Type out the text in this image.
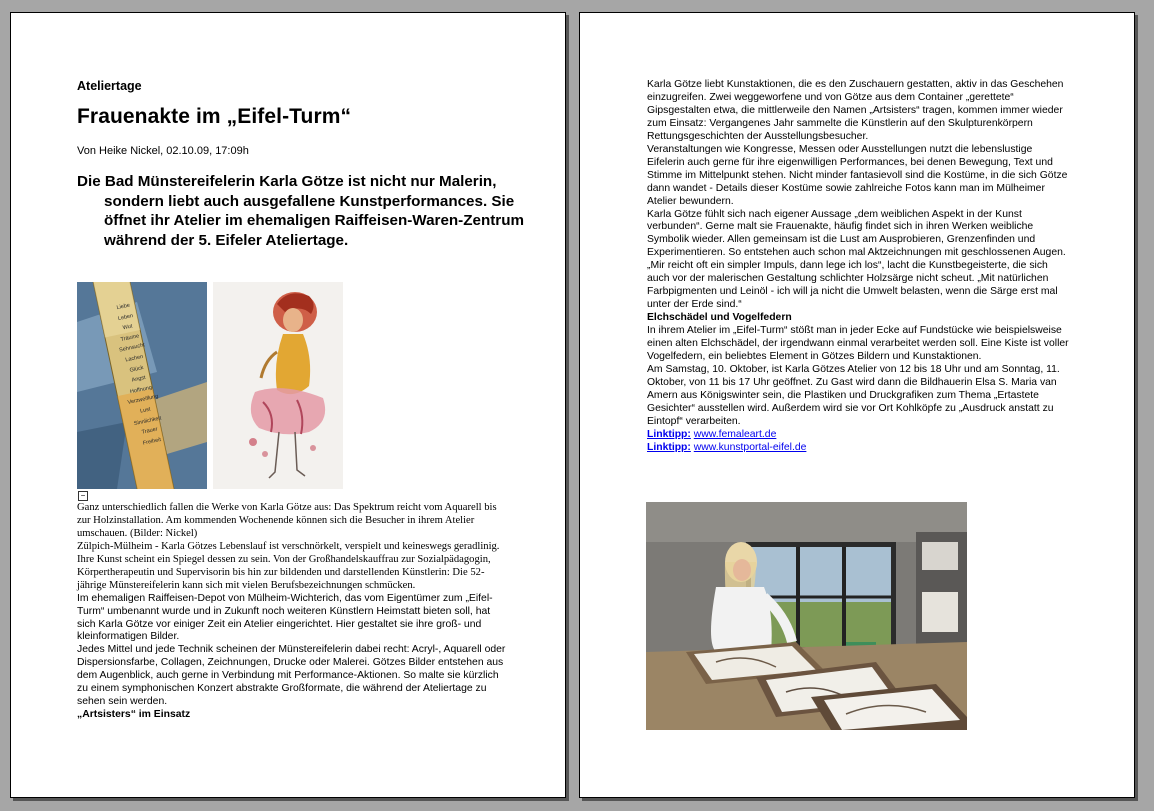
Ateliertage
Frauenakte im „Eifel-Turm“
Von Heike Nickel, 02.10.09, 17:09h
Die Bad Münstereifelerin Karla Götze ist nicht nur Malerin, sondern liebt auch ausgefallene Kunstperformances. Sie öffnet ihr Atelier im ehemaligen Raiffeisen-Waren-Zentrum während der 5. Eifeler Ateliertage.
Liebe
Leben
Wut
Träume
Sehnsucht
Lachen
Glück
Angst
Hoffnung
Verzweiflung
Lust
Sinnlichkeit
Trauer
Freiheit
−
Ganz unterschiedlich fallen die Werke von Karla Götze aus: Das Spektrum reicht vom Aquarell bis zur Holzinstallation. Am kommenden Wochenende können sich die Besucher in ihrem Atelier umschauen. (Bilder: Nickel)

Zülpich-Mülheim - Karla Götzes Lebenslauf ist verschnörkelt, verspielt und keineswegs geradlinig. Ihre Kunst scheint ein Spiegel dessen zu sein. Von der Großhandelskauffrau zur Sozialpädagogin, Körpertherapeutin und Supervisorin bis hin zur bildenden und darstellenden Künstlerin: Die 52-jährige Münstereifelerin kann sich mit vielen Berufsbezeichnungen schmücken.

Im ehemaligen Raiffeisen-Depot von Mülheim-Wichterich, das vom Eigentümer zum „Eifel-Turm“ umbenannt wurde und in Zukunft noch weiteren Künstlern Heimstatt bieten soll, hat sich Karla Götze vor einiger Zeit ein Atelier eingerichtet. Hier gestaltet sie ihre groß- und kleinformatigen Bilder.

Jedes Mittel und jede Technik scheinen der Münstereifelerin dabei recht: Acryl-, Aquarell oder Dispersionsfarbe, Collagen, Zeichnungen, Drucke oder Malerei. Götzes Bilder entstehen aus dem Augenblick, auch gerne in Verbindung mit Performance-Aktionen. So malte sie kürzlich zu einem symphonischen Konzert abstrakte Großformate, die während der Ateliertage zu sehen sein werden.

„Artsisters“ im Einsatz

Karla Götze liebt Kunstaktionen, die es den Zuschauern gestatten, aktiv in das Geschehen einzugreifen. Zwei weggeworfene und von Götze aus dem Container „gerettete“ Gipsgestalten etwa, die mittlerweile den Namen „Artsisters“ tragen, kommen immer wieder zum Einsatz: Vergangenes Jahr sammelte die Künstlerin auf den Skulpturenkörpern Rettungsgeschichten der Ausstellungsbesucher.

Veranstaltungen wie Kongresse, Messen oder Ausstellungen nutzt die lebenslustige Eifelerin auch gerne für ihre eigenwilligen Performances, bei denen Bewegung, Text und Stimme im Mittelpunkt stehen. Nicht minder fantasievoll sind die Kostüme, in die sich Götze dann wandet - Details dieser Kostüme sowie zahlreiche Fotos kann man im Mülheimer Atelier bewundern.

Karla Götze fühlt sich nach eigener Aussage „dem weiblichen Aspekt in der Kunst verbunden“. Gerne malt sie Frauenakte, häufig findet sich in ihren Werken weibliche Symbolik wieder. Allen gemeinsam ist die Lust am Ausprobieren, Grenzenfinden und Experimentieren. So entstehen auch schon mal Aktzeichnungen mit geschlossenen Augen. „Mir reicht oft ein simpler Impuls, dann lege ich los“, lacht die Kunstbegeisterte, die sich auch vor der malerischen Gestaltung schlichter Holzsärge nicht scheut. „Mit natürlichen Farbpigmenten und Leinöl - ich will ja nicht die Umwelt belasten, wenn die Särge erst mal unter der Erde sind.“

Elchschädel und Vogelfedern

In ihrem Atelier im „Eifel-Turm“ stößt man in jeder Ecke auf Fundstücke wie beispielsweise einen alten Elchschädel, der irgendwann einmal verarbeitet werden soll. Eine Kiste ist voller Vogelfedern, ein beliebtes Element in Götzes Bildern und Kunstaktionen.

Am Samstag, 10. Oktober, ist Karla Götzes Atelier von 12 bis 18 Uhr und am Sonntag, 11. Oktober, von 11 bis 17 Uhr geöffnet. Zu Gast wird dann die Bildhauerin Elsa S. Maria van Amern aus Königswinter sein, die Plastiken und Druckgrafiken zum Thema „Ertastete Gesichter“ ausstellen wird. Außerdem wird sie vor Ort Kohlköpfe zu „Ausdruck anstatt zu Eintopf“ verarbeiten.

Linktipp: www.femaleart.de

Linktipp: www.kunstportal-eifel.de
